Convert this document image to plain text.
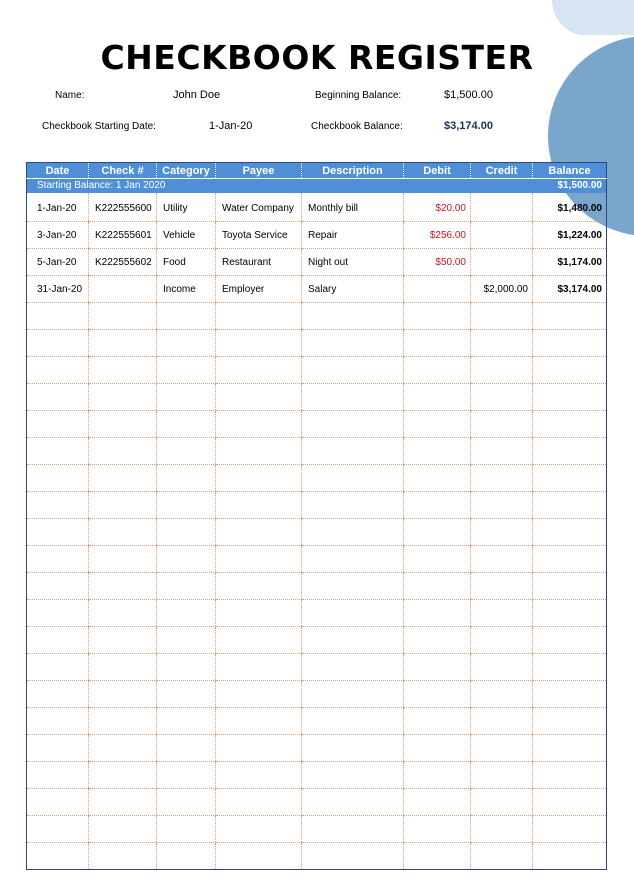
CHECKBOOK REGISTER
Name:	John Doe	Beginning Balance:	$1,500.00
Checkbook Starting Date:	1-Jan-20	Checkbook Balance:	$3,174.00
Date	Check #	Category	Payee	Description	Debit	Credit	Balance
Starting Balance: 1 Jan 2020							$1,500.00
1-Jan-20	K222555600	Utility	Water Company	Monthly bill	$20.00		$1,480.00
3-Jan-20	K222555601	Vehicle	Toyota Service	Repair	$256.00		$1,224.00
5-Jan-20	K222555602	Food	Restaurant	Night out	$50.00		$1,174.00
31-Jan-20		Income	Employer	Salary		$2,000.00	$3,174.00
